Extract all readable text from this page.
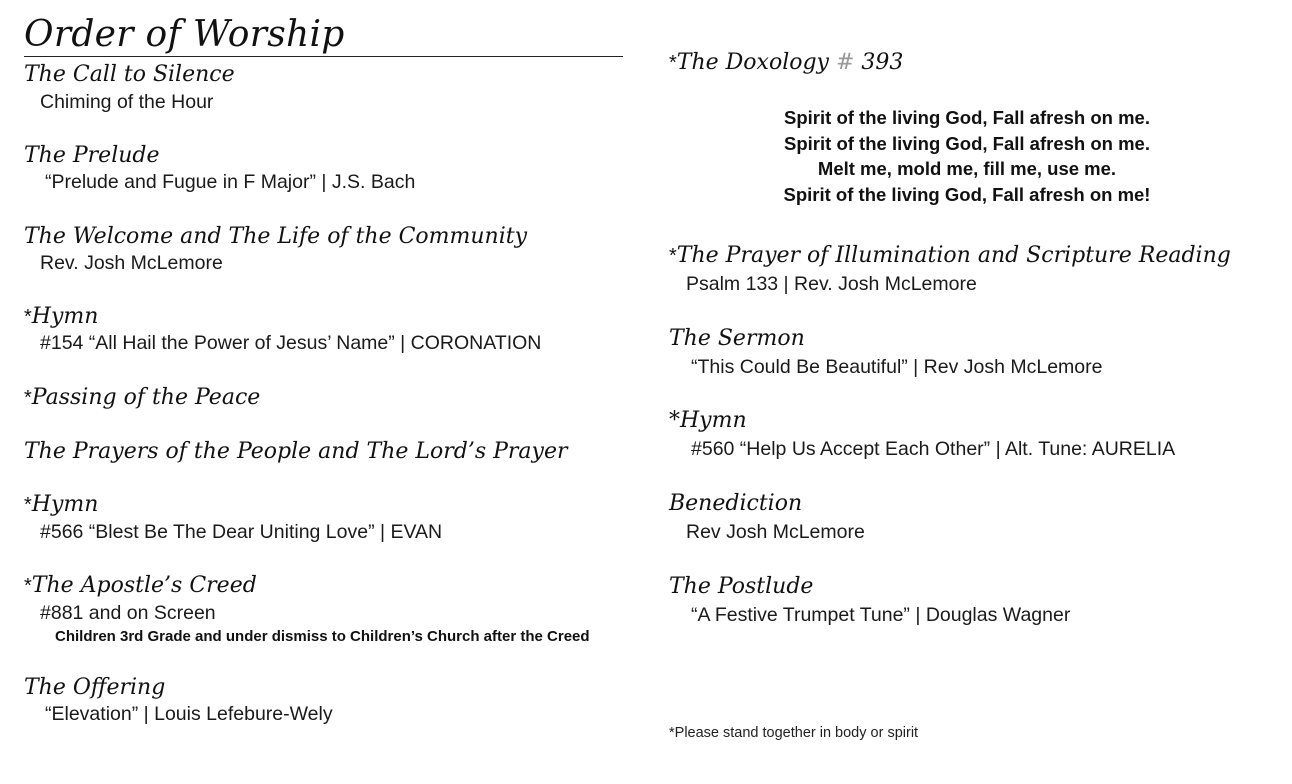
Order of Worship
The Call to Silence
Chiming of the Hour
The Prelude
“Prelude and Fugue in F Major” | J.S. Bach
The Welcome and The Life of the Community
Rev. Josh McLemore
*Hymn
#154 “All Hail the Power of Jesus’ Name” | CORONATION
*Passing of the Peace
The Prayers of the People and The Lord’s Prayer
*Hymn
#566 “Blest Be The Dear Uniting Love” | EVAN
*The Apostle’s Creed
#881 and on Screen
Children 3rd Grade and under dismiss to Children’s Church after the Creed
The Offering
“Elevation” | Louis Lefebure-Wely
*The Doxology # 393
Spirit of the living God, Fall afresh on me.
Spirit of the living God, Fall afresh on me.
Melt me, mold me, fill me, use me.
Spirit of the living God, Fall afresh on me!
*The Prayer of Illumination and Scripture Reading
Psalm 133 | Rev. Josh McLemore
The Sermon
“This Could Be Beautiful” | Rev Josh McLemore
*Hymn
#560 “Help Us Accept Each Other” | Alt. Tune: AURELIA
Benediction
Rev Josh McLemore
The Postlude
“A Festive Trumpet Tune” | Douglas Wagner
*Please stand together in body or spirit
